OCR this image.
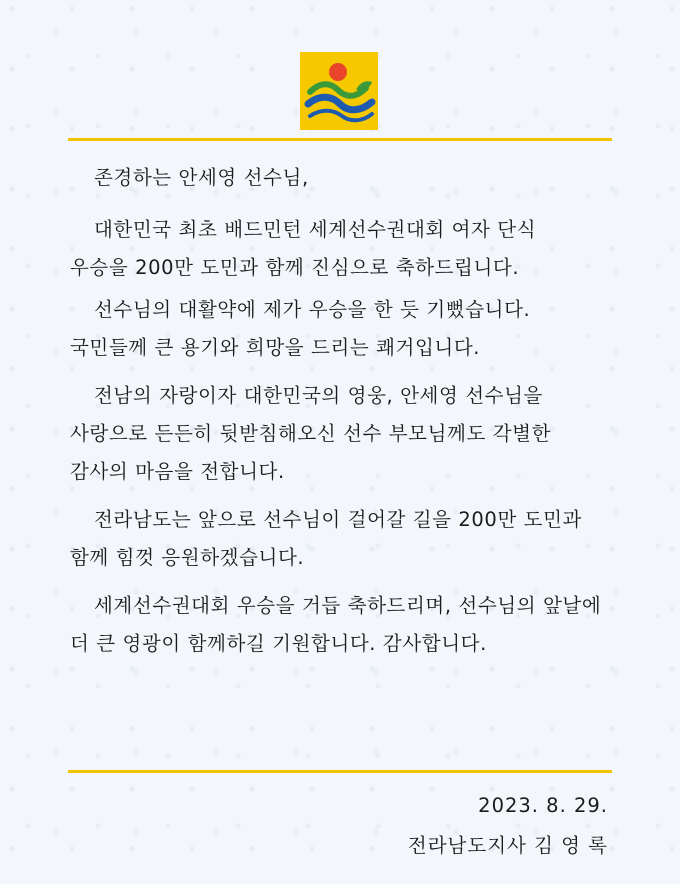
존경하는 안세영 선수님,
대한민국 최초 배드민턴 세계선수권대회 여자 단식
우승을 200만 도민과 함께 진심으로 축하드립니다.
선수님의 대활약에 제가 우승을 한 듯 기뻤습니다.
국민들께 큰 용기와 희망을 드리는 쾌거입니다.
전남의 자랑이자 대한민국의 영웅, 안세영 선수님을
사랑으로 든든히 뒷받침해오신 선수 부모님께도 각별한
감사의 마음을 전합니다.
전라남도는 앞으로 선수님이 걸어갈 길을 200만 도민과
함께 힘껏 응원하겠습니다.
세계선수권대회 우승을 거듭 축하드리며, 선수님의 앞날에
더 큰 영광이 함께하길 기원합니다. 감사합니다.
2023. 8. 29.
전라남도지사 김 영 록
